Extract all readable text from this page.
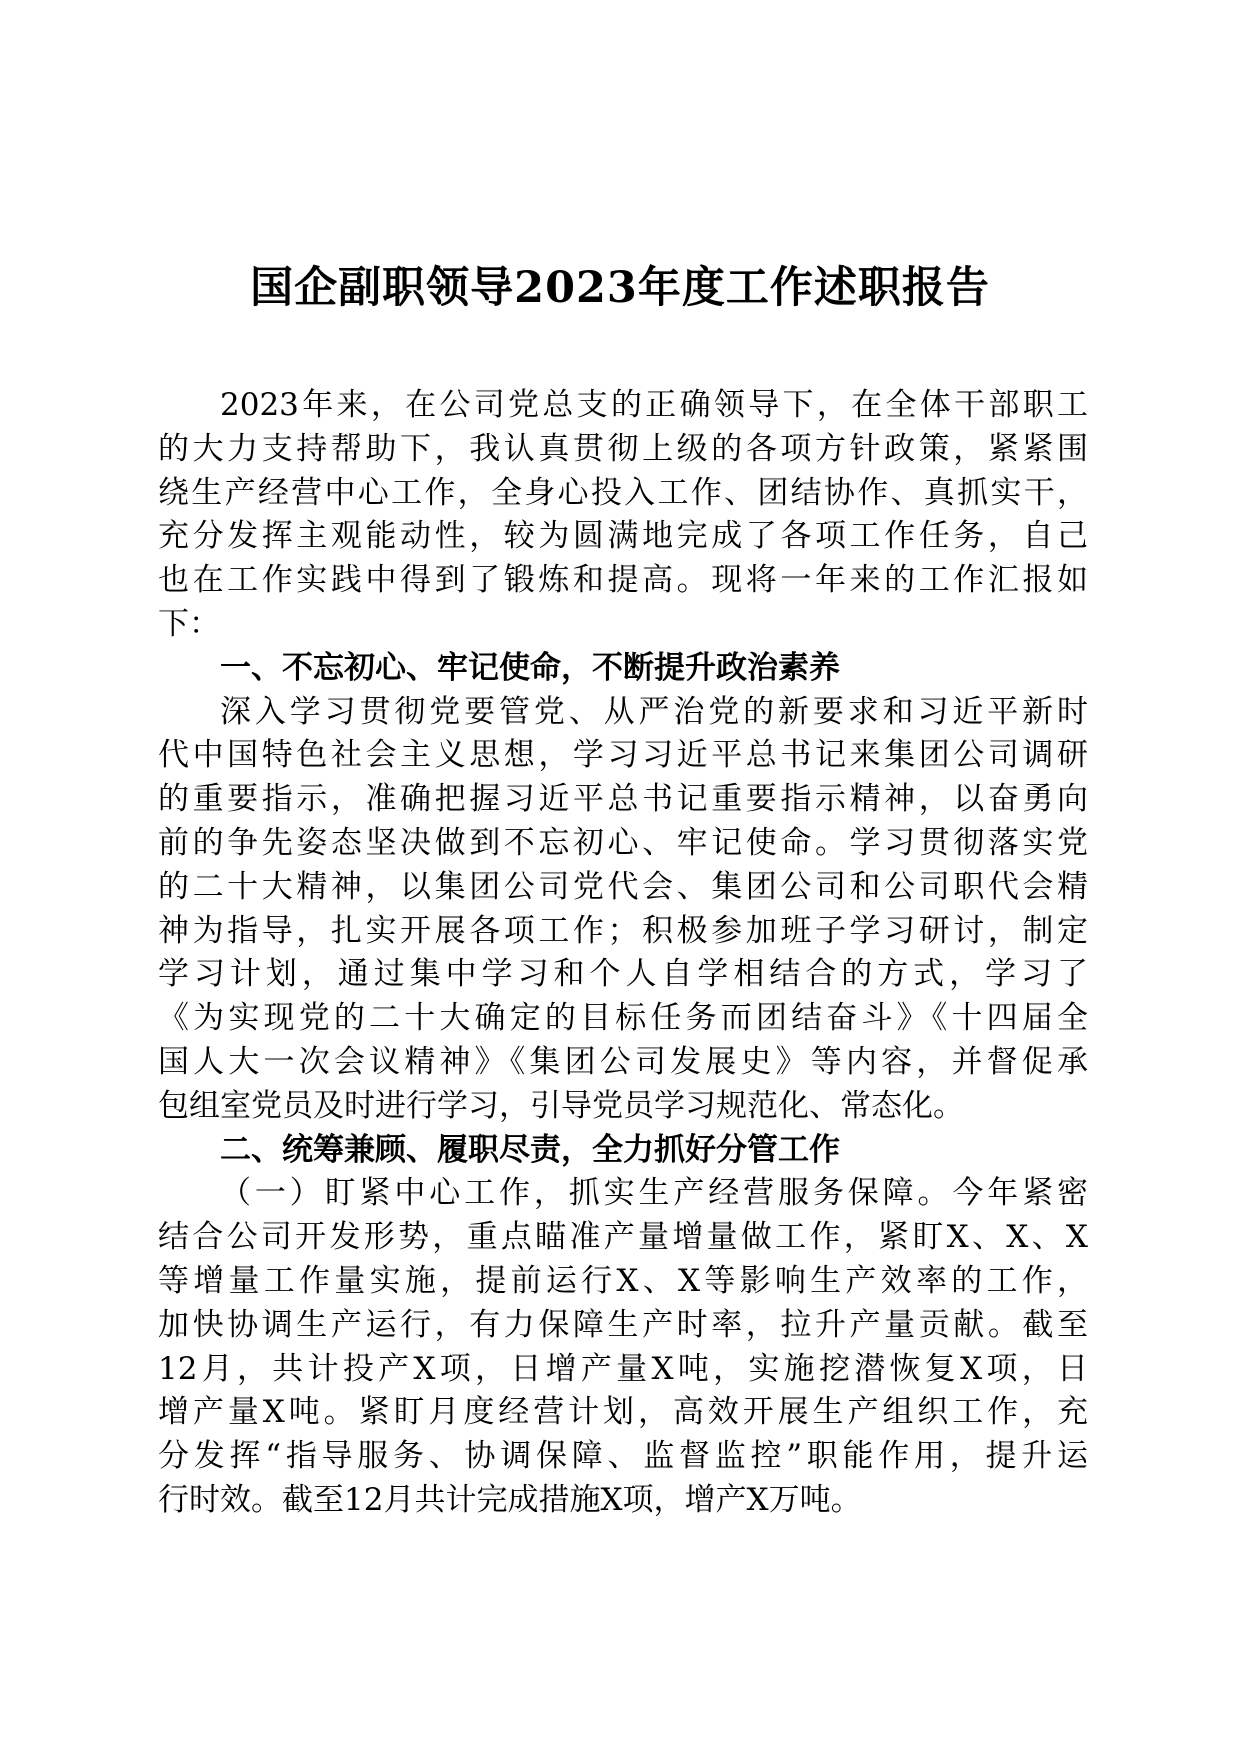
国企副职领导2023年度工作述职报告
2023年来，在公司党总支的正确领导下，在全体干部职工
的大力支持帮助下，我认真贯彻上级的各项方针政策，紧紧围
绕生产经营中心工作，全身心投入工作、团结协作、真抓实干，
充分发挥主观能动性，较为圆满地完成了各项工作任务，自己
也在工作实践中得到了锻炼和提高。现将一年来的工作汇报如
下：
一、不忘初心、牢记使命，不断提升政治素养
深入学习贯彻党要管党、从严治党的新要求和习近平新时
代中国特色社会主义思想，学习习近平总书记来集团公司调研
的重要指示，准确把握习近平总书记重要指示精神，以奋勇向
前的争先姿态坚决做到不忘初心、牢记使命。学习贯彻落实党
的二十大精神，以集团公司党代会、集团公司和公司职代会精
神为指导，扎实开展各项工作；积极参加班子学习研讨，制定
学习计划，通过集中学习和个人自学相结合的方式，学习了
《为实现党的二十大确定的目标任务而团结奋斗》《十四届全
国人大一次会议精神》《集团公司发展史》等内容，并督促承
包组室党员及时进行学习，引导党员学习规范化、常态化。
二、统筹兼顾、履职尽责，全力抓好分管工作
（一）盯紧中心工作，抓实生产经营服务保障。今年紧密
结合公司开发形势，重点瞄准产量增量做工作，紧盯X、X、X
等增量工作量实施，提前运行X、X等影响生产效率的工作，
加快协调生产运行，有力保障生产时率，拉升产量贡献。截至
12月，共计投产X项，日增产量X吨，实施挖潜恢复X项，日
增产量X吨。紧盯月度经营计划，高效开展生产组织工作，充
分发挥“指导服务、协调保障、监督监控”职能作用，提升运
行时效。截至12月共计完成措施X项，增产X万吨。
